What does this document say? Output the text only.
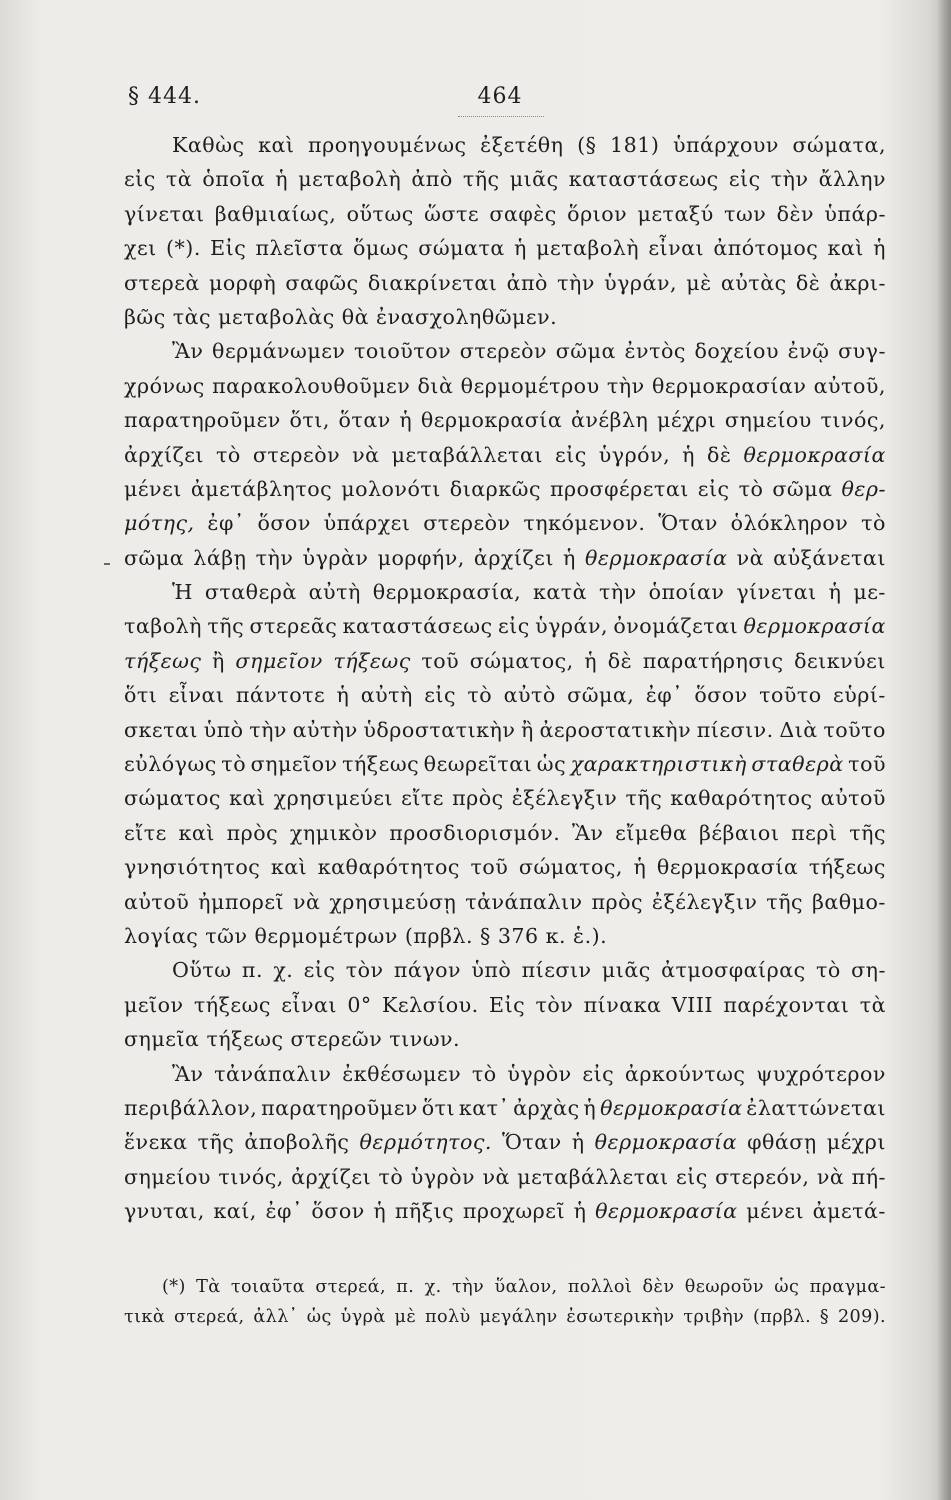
§ 444.	464
Καθὼς καὶ προηγουμένως ἐξετέθη (§ 181) ὑπάρχουν σώματα,
εἰς τὰ ὁποῖα ἡ μεταβολὴ ἀπὸ τῆς μιᾶς καταστάσεως εἰς τὴν ἄλλην
γίνεται βαθμιαίως, οὕτως ὥστε σαφὲς ὅριον μεταξύ των δὲν ὑπάρ-
χει (*). Εἰς πλεῖστα ὅμως σώματα ἡ μεταβολὴ εἶναι ἀπότομος καὶ ἡ
στερεὰ μορφὴ σαφῶς διακρίνεται ἀπὸ τὴν ὑγράν, μὲ αὐτὰς δὲ ἀκρι-
βῶς τὰς μεταβολὰς θὰ ἐνασχοληθῶμεν.
Ἂν θερμάνωμεν τοιοῦτον στερεὸν σῶμα ἐντὸς δοχείου ἐνῷ συγ-
χρόνως παρακολουθοῦμεν διὰ θερμομέτρου τὴν θερμοκρασίαν αὐτοῦ,
παρατηροῦμεν ὅτι, ὅταν ἡ θερμοκρασία ἀνέβλη μέχρι σημείου τινός,
ἀρχίζει τὸ στερεὸν νὰ μεταβάλλεται εἰς ὑγρόν, ἡ δὲ θερμοκρασία
μένει ἀμετάβλητος μολονότι διαρκῶς προσφέρεται εἰς τὸ σῶμα θερ-
μότης, ἐφ᾽ ὅσον ὑπάρχει στερεὸν τηκόμενον. Ὅταν ὁλόκληρον τὸ
σῶμα λάβῃ τὴν ὑγρὰν μορφήν, ἀρχίζει ἡ θερμοκρασία νὰ αὐξάνεται
Ἡ σταθερὰ αὐτὴ θερμοκρασία, κατὰ τὴν ὁποίαν γίνεται ἡ με-
ταβολὴ τῆς στερεᾶς καταστάσεως εἰς ὑγράν, ὀνομάζεται θερμοκρασία
τήξεως ἢ σημεῖον τήξεως τοῦ σώματος, ἡ δὲ παρατήρησις δεικνύει
ὅτι εἶναι πάντοτε ἡ αὐτὴ εἰς τὸ αὐτὸ σῶμα, ἐφ᾽ ὅσον τοῦτο εὑρί-
σκεται ὑπὸ τὴν αὐτὴν ὑδροστατικὴν ἢ ἀεροστατικὴν πίεσιν. Διὰ τοῦτο
εὐλόγως τὸ σημεῖον τήξεως θεωρεῖται ὡς χαρακτηριστικὴ σταθερὰ τοῦ
σώματος καὶ χρησιμεύει εἴτε πρὸς ἐξέλεγξιν τῆς καθαρότητος αὐτοῦ
εἴτε καὶ πρὸς χημικὸν προσδιορισμόν. Ἂν εἴμεθα βέβαιοι περὶ τῆς
γνησιότητος καὶ καθαρότητος τοῦ σώματος, ἡ θερμοκρασία τήξεως
αὐτοῦ ἠμπορεῖ νὰ χρησιμεύσῃ τἀνάπαλιν πρὸς ἐξέλεγξιν τῆς βαθμο-
λογίας τῶν θερμομέτρων (πρβλ. § 376 κ. ἑ.).
Οὕτω π. χ. εἰς τὸν πάγον ὑπὸ πίεσιν μιᾶς ἀτμοσφαίρας τὸ ση-
μεῖον τήξεως εἶναι 0° Κελσίου. Εἰς τὸν πίνακα VIII παρέχονται τὰ
σημεῖα τήξεως στερεῶν τινων.
Ἂν τἀνάπαλιν ἐκθέσωμεν τὸ ὑγρὸν εἰς ἀρκούντως ψυχρότερον
περιβάλλον, παρατηροῦμεν ὅτι κατ᾽ ἀρχὰς ἡ θερμοκρασία ἐλαττώνεται
ἕνεκα τῆς ἀποβολῆς θερμότητος. Ὅταν ἡ θερμοκρασία φθάσῃ μέχρι
σημείου τινός, ἀρχίζει τὸ ὑγρὸν νὰ μεταβάλλεται εἰς στερεόν, νὰ πή-
γνυται, καί, ἐφ᾽ ὅσον ἡ πῆξις προχωρεῖ ἡ θερμοκρασία μένει ἀμετά-
(*) Τὰ τοιαῦτα στερεά, π. χ. τὴν ὕαλον, πολλοὶ δὲν θεωροῦν ὡς πραγμα-
τικὰ στερεά, ἀλλ᾽ ὡς ὑγρὰ μὲ πολὺ μεγάλην ἐσωτερικὴν τριβὴν (πρβλ. § 209).
